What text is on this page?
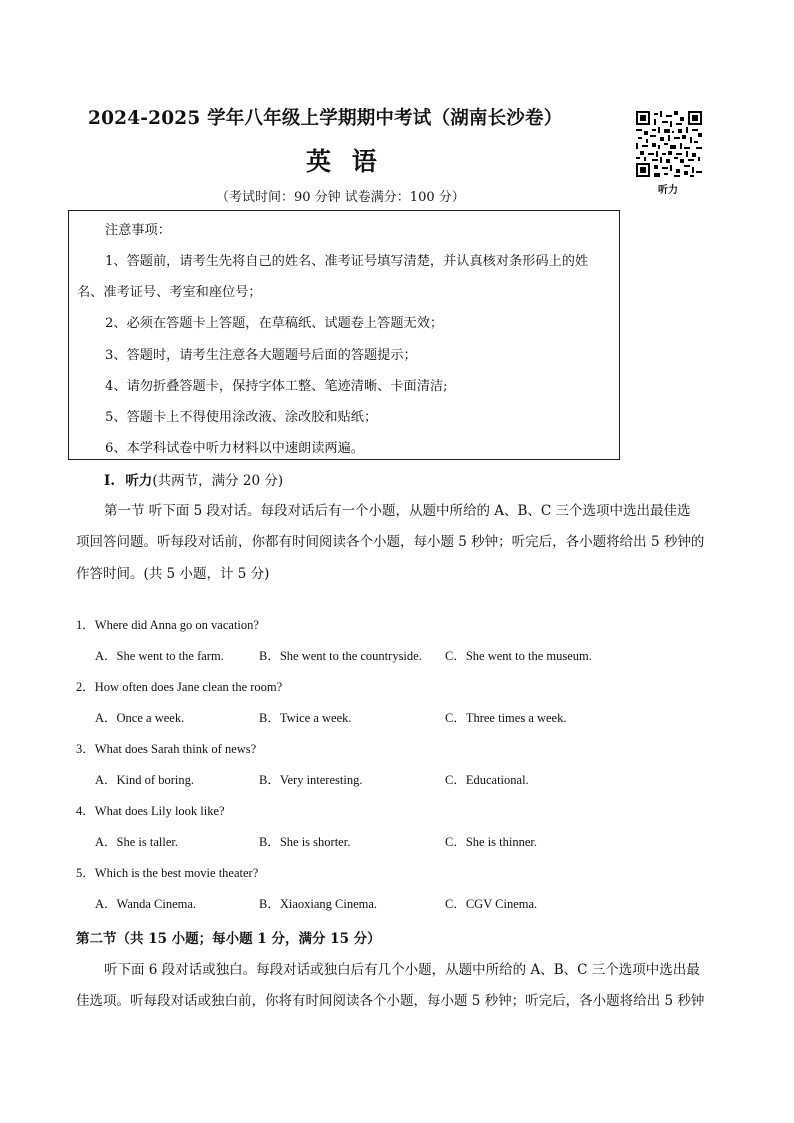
2024-2025 学年八年级上学期期中考试（湖南长沙卷）
英 语
（考试时间：90 分钟 试卷满分：100 分）	听力
注意事项：
1、答题前，请考生先将自己的姓名、准考证号填写清楚，并认真核对条形码上的姓
名、准考证号、考室和座位号；
2、必须在答题卡上答题，在草稿纸、试题卷上答题无效；
3、答题时，请考生注意各大题题号后面的答题提示；
4、请勿折叠答题卡，保持字体工整、笔迹清晰、卡面清洁;
5、答题卡上不得使用涂改液、涂改胶和贴纸；
6、本学科试卷中听力材料以中速朗读两遍。
I. 听力(共两节，满分 20 分)
第一节 听下面 5 段对话。每段对话后有一个小题，从题中所给的 A、B、C 三个选项中选出最佳选
项回答问题。听每段对话前，你都有时间阅读各个小题，每小题 5 秒钟；听完后，各小题将给出 5 秒钟的
作答时间。(共 5 小题，计 5 分)
1．Where did Anna go on vacation?
A．She went to the farm.	B．She went to the countryside. C．She went to the museum.
2．How often does Jane clean the room?
A．Once a week.	B．Twice a week.	C．Three times a week.
3．What does Sarah think of news?
A．Kind of boring.	B．Very interesting.	C．Educational.
4．What does Lily look like?
A．She is taller.	B．She is shorter.	C．She is thinner.
5．Which is the best movie theater?
A．Wanda Cinema.	B．Xiaoxiang Cinema.	C．CGV Cinema.
第二节（共 15 小题；每小题 1 分，满分 15 分）
听下面 6 段对话或独白。每段对话或独白后有几个小题，从题中所给的 A、B、C 三个选项中选出最
佳选项。听每段对话或独白前，你将有时间阅读各个小题，每小题 5 秒钟；听完后，各小题将给出 5 秒钟
